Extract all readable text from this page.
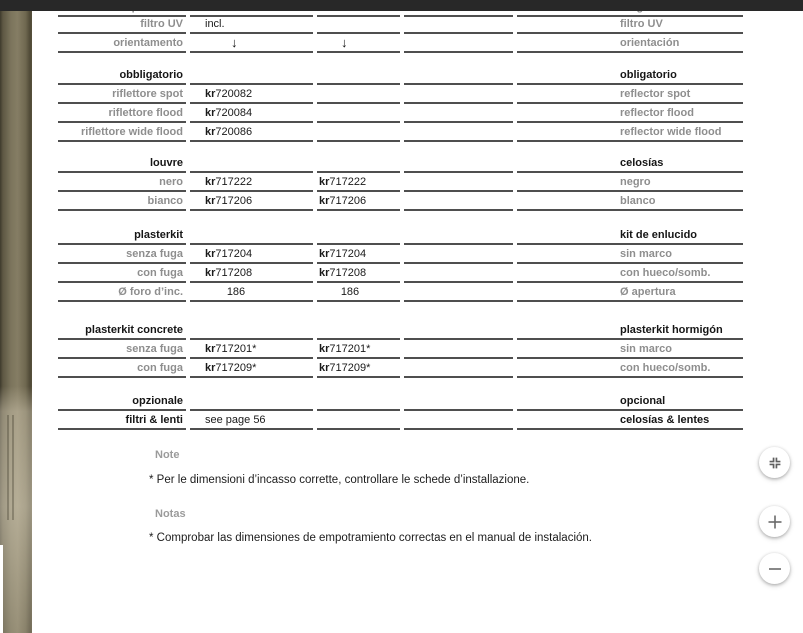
filtro UV incl.	filtro UV
orientamento	↓	↓	orientación
obbligatorio	obligatorio
riflettore spot kr720082	reflector spot
riflettore flood kr720084	reflector flood
riflettore wide flood kr720086	reflector wide flood
louvre	celosías
nero kr717222	kr717222	negro
bianco kr717206	kr717206	blanco
plasterkit	kit de enlucido
senza fuga kr717204	kr717204	sin marco
con fuga kr717208	kr717208	con hueco/somb.
Ø foro d’inc.	186	186	Ø apertura
plasterkit concrete	plasterkit hormigón
senza fuga kr717201*	kr717201*	sin marco
con fuga kr717209*	kr717209*	con hueco/somb.
opzionale	opcional
filtri & lenti see page 56	celosías & lentes
Note
* Per le dimensioni d’incasso corrette, controllare le schede d’installazione.
Notas
* Comprobar las dimensiones de empotramiento correctas en el manual de instalación.
